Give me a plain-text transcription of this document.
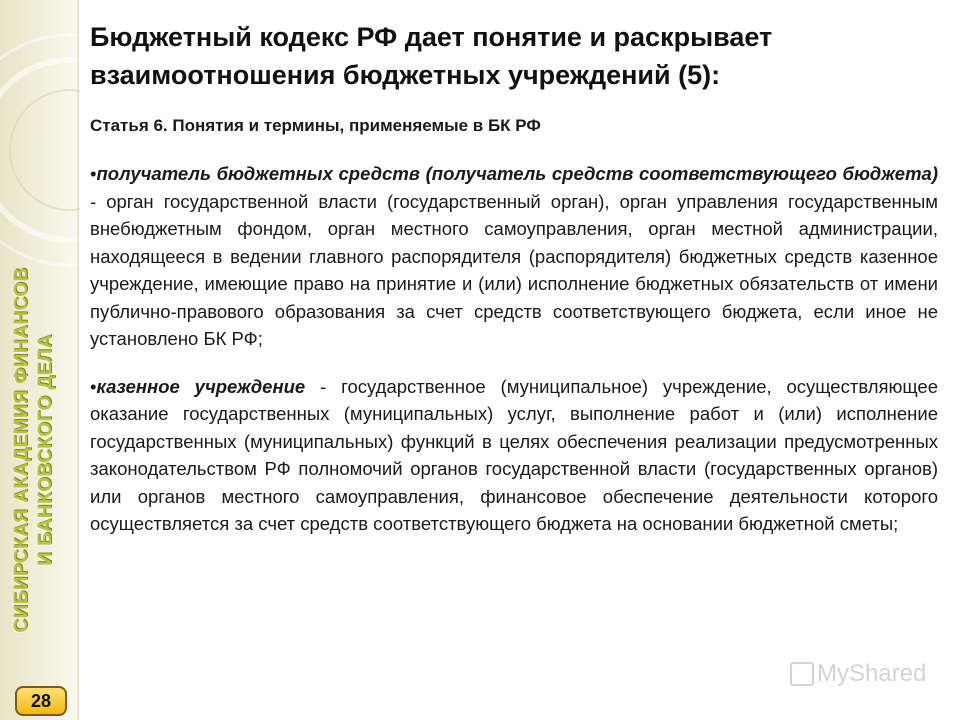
СИБИРСКАЯ АКАДЕМИЯ ФИНАНСОВ И БАНКОВСКОГО ДЕЛА
28
Бюджетный кодекс РФ дает понятие и раскрывает
взаимоотношения бюджетных учреждений (5):
Статья 6. Понятия и термины, применяемые в БК РФ

•получатель бюджетных средств (получатель средств соответствующего бюджета) - орган государственной власти (государственный орган), орган управления государственным внебюджетным фондом, орган местного самоуправления, орган местной администрации, находящееся в ведении главного распорядителя (распорядителя) бюджетных средств казенное учреждение, имеющие право на принятие и (или) исполнение бюджетных обязательств от имени публично-правового образования за счет средств соответствующего бюджета, если иное не установлено БК РФ;

•казенное учреждение - государственное (муниципальное) учреждение, осуществляющее оказание государственных (муниципальных) услуг, выполнение работ и (или) исполнение государственных (муниципальных) функций в целях обеспечения реализации предусмотренных законодательством РФ полномочий органов государственной власти (государственных органов) или органов местного самоуправления, финансовое обеспечение деятельности которого осуществляется за счет средств соответствующего бюджета на основании бюджетной сметы;

MyShared
